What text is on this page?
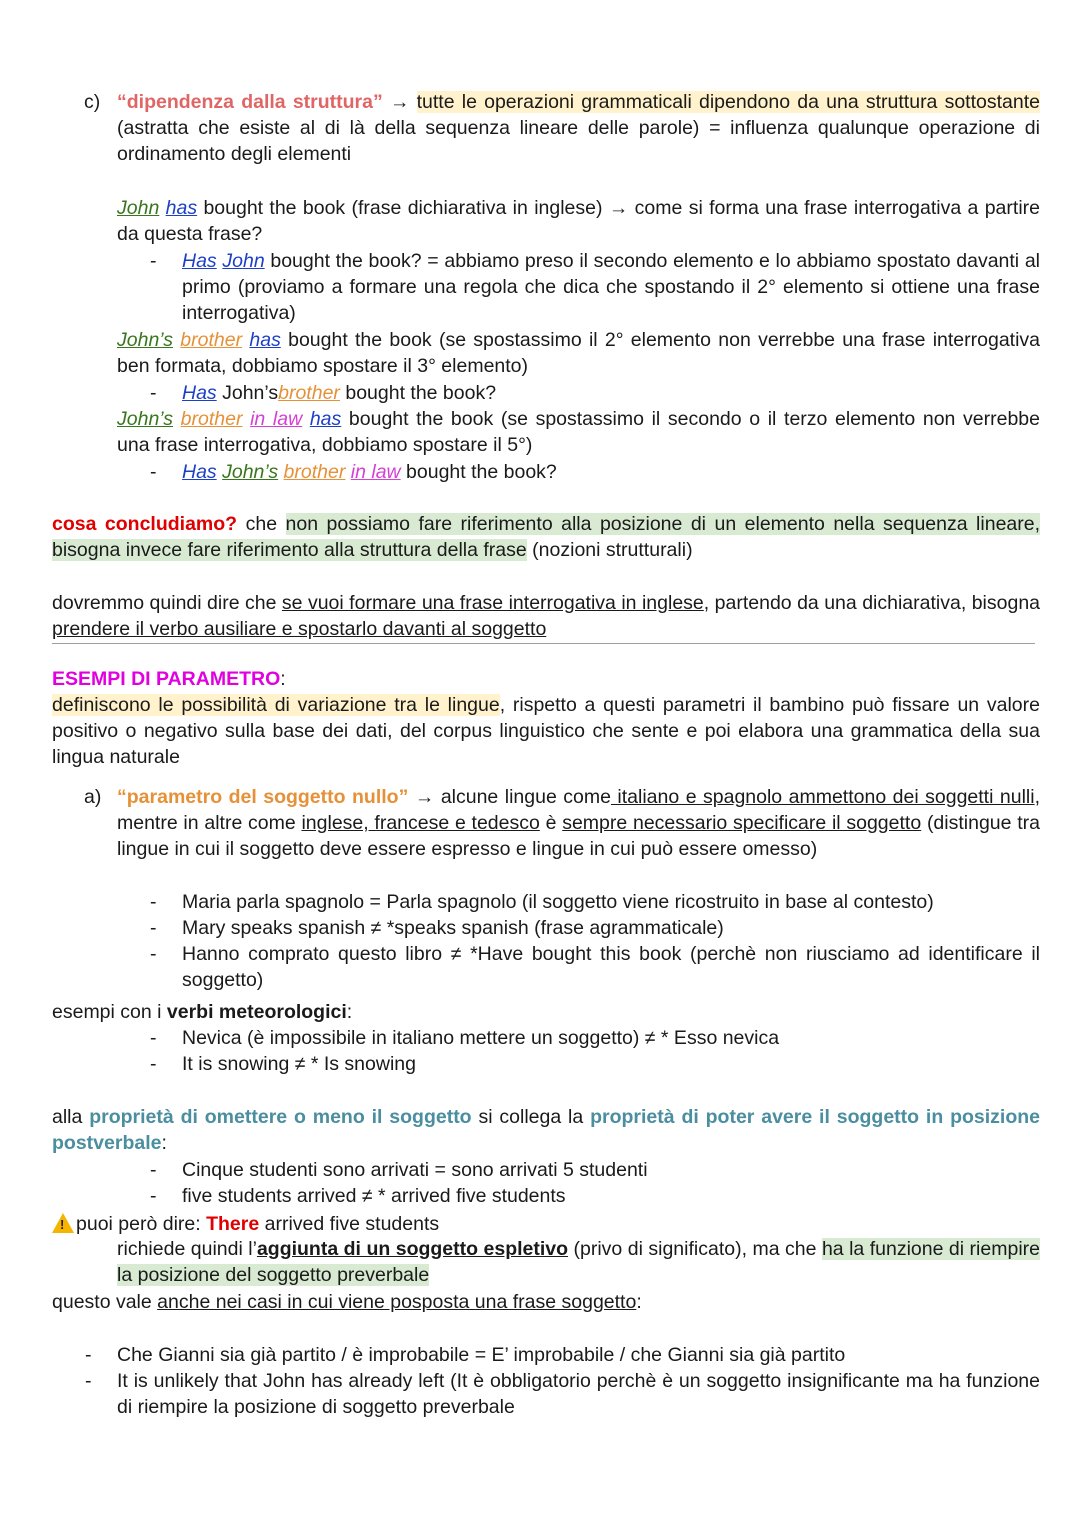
c) “dipendenza dalla struttura” → tutte le operazioni grammaticali dipendono da una struttura sottostante (astratta che esiste al di là della sequenza lineare delle parole) = influenza qualunque operazione di ordinamento degli elementi

John has bought the book (frase dichiarativa in inglese) → come si forma una frase interrogativa a partire da questa frase?

- Has John bought the book? = abbiamo preso il secondo elemento e lo abbiamo spostato davanti al primo (proviamo a formare una regola che dica che spostando il 2° elemento si ottiene una frase interrogativa)

John’s brother has bought the book (se spostassimo il 2° elemento non verrebbe una frase interrogativa ben formata, dobbiamo spostare il 3° elemento)

- Has John’sbrother bought the book?

John’s brother in law has bought the book (se spostassimo il secondo o il terzo elemento non verrebbe una frase interrogativa, dobbiamo spostare il 5°)

- Has John’s brother in law bought the book?

cosa concludiamo? che non possiamo fare riferimento alla posizione di un elemento nella sequenza lineare, bisogna invece fare riferimento alla struttura della frase (nozioni strutturali)

dovremmo quindi dire che se vuoi formare una frase interrogativa in inglese, partendo da una dichiarativa, bisogna prendere il verbo ausiliare e spostarlo davanti al soggetto

ESEMPI DI PARAMETRO:

definiscono le possibilità di variazione tra le lingue, rispetto a questi parametri il bambino può fissare un valore positivo o negativo sulla base dei dati, del corpus linguistico che sente e poi elabora una grammatica della sua lingua naturale

a) “parametro del soggetto nullo” → alcune lingue come italiano e spagnolo ammettono dei soggetti nulli, mentre in altre come inglese, francese e tedesco è sempre necessario specificare il soggetto (distingue tra lingue in cui il soggetto deve essere espresso e lingue in cui può essere omesso)

- Maria parla spagnolo = Parla spagnolo (il soggetto viene ricostruito in base al contesto)

- Mary speaks spanish ≠ *speaks spanish (frase agrammaticale)

- Hanno comprato questo libro ≠ *Have bought this book (perchè non riusciamo ad identificare il soggetto)

esempi con i verbi meteorologici:

- Nevica (è impossibile in italiano mettere un soggetto) ≠ * Esso nevica

- It is snowing ≠ * Is snowing

alla proprietà di omettere o meno il soggetto si collega la proprietà di poter avere il soggetto in posizione postverbale:

- Cinque studenti sono arrivati = sono arrivati 5 studenti

- five students arrived ≠ * arrived five students

!puoi però dire: There arrived five students

richiede quindi l’aggiunta di un soggetto espletivo (privo di significato), ma che ha la funzione di riempire la posizione del soggetto preverbale

questo vale anche nei casi in cui viene posposta una frase soggetto:

- Che Gianni sia già partito / è improbabile = E’ improbabile / che Gianni sia già partito

- It is unlikely that John has already left (It è obbligatorio perchè è un soggetto insignificante ma ha funzione di riempire la posizione di soggetto preverbale
